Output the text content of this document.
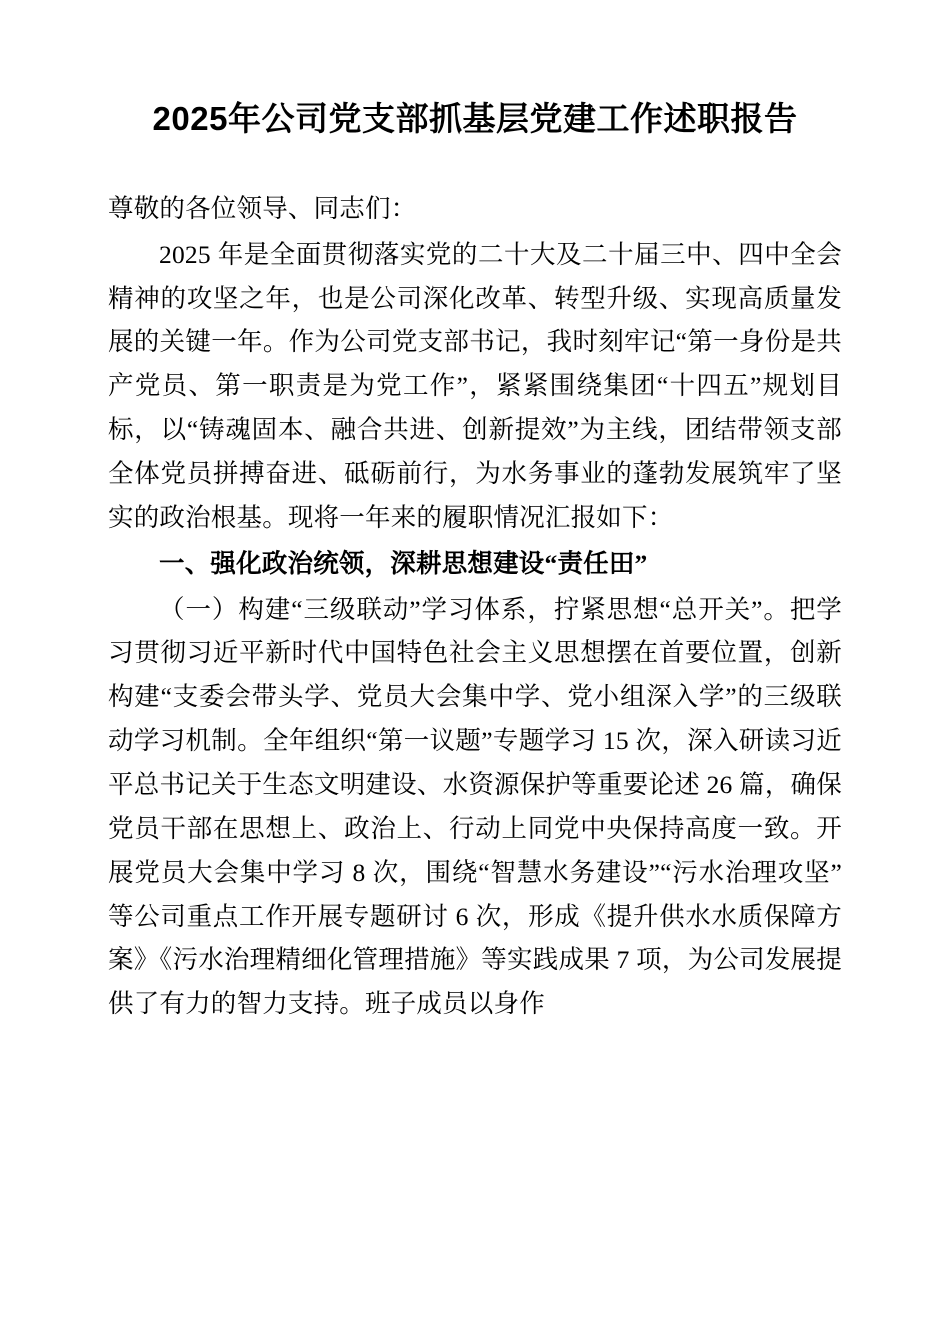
2025年公司党支部抓基层党建工作述职报告

尊敬的各位领导、同志们：

2025 年是全面贯彻落实党的二十大及二十届三中、四中全会精神的攻坚之年，也是公司深化改革、转型升级、实现高质量发展的关键一年。作为公司党支部书记，我时刻牢记“第一身份是共产党员、第一职责是为党工作”，紧紧围绕集团“十四五”规划目标，以“铸魂固本、融合共进、创新提效”为主线，团结带领支部全体党员拼搏奋进、砥砺前行，为水务事业的蓬勃发展筑牢了坚实的政治根基。现将一年来的履职情况汇报如下：

一、强化政治统领，深耕思想建设“责任田”

（一）构建“三级联动”学习体系，拧紧思想“总开关”。把学习贯彻习近平新时代中国特色社会主义思想摆在首要位置，创新构建“支委会带头学、党员大会集中学、党小组深入学”的三级联动学习机制。全年组织“第一议题”专题学习 15 次，深入研读习近平总书记关于生态文明建设、水资源保护等重要论述 26 篇，确保党员干部在思想上、政治上、行动上同党中央保持高度一致。开展党员大会集中学习 8 次，围绕“智慧水务建设”“污水治理攻坚”等公司重点工作开展专题研讨 6 次，形成《提升供水水质保障方案》《污水治理精细化管理措施》等实践成果 7 项，为公司发展提供了有力的智力支持。班子成员以身作
